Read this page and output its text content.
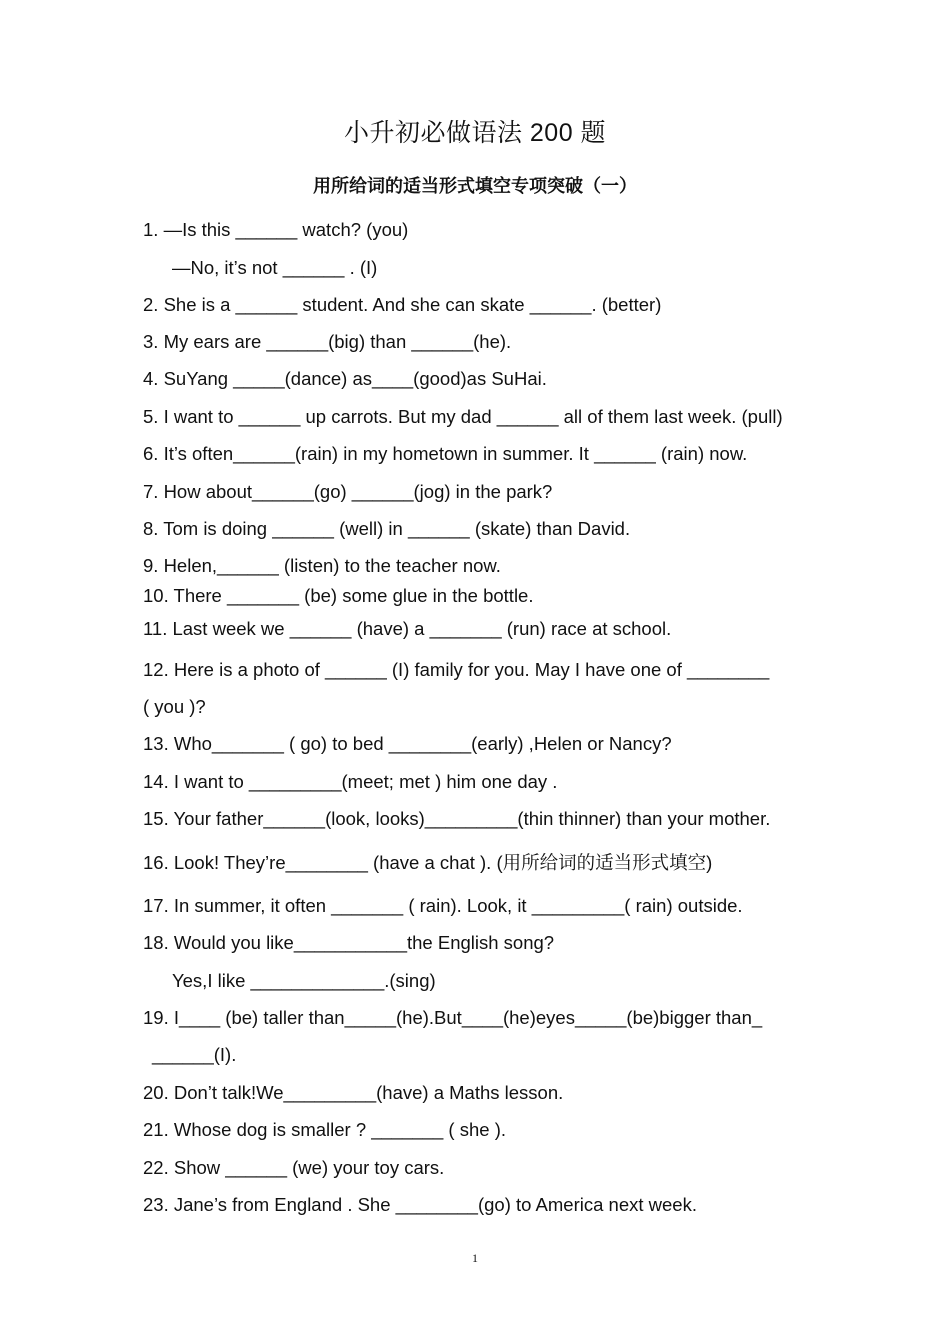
小升初必做语法 200 题
用所给词的适当形式填空专项突破（一）
1. —Is this ______ watch? (you)
—No, it’s not ______ . (I)
2. She is a ______ student. And she can skate ______. (better)
3. My ears are ______(big) than ______(he).
4. SuYang _____(dance) as____(good)as SuHai.
5. I want to ______ up carrots. But my dad ______ all of them last week. (pull)
6. It’s often______(rain) in my hometown in summer. It ______ (rain) now.
7. How about______(go) ______(jog) in the park?
8. Tom is doing ______ (well) in ______ (skate) than David.
9. Helen,______ (listen) to the teacher now.
10. There _______ (be) some glue in the bottle.
11. Last week we ______ (have) a _______ (run) race at school.
12. Here is a photo of ______ (I) family for you. May I have one of ________
( you )?
13. Who_______ ( go) to bed ________(early) ,Helen or Nancy?
14. I want to _________(meet; met ) him one day .
15. Your father______(look, looks)_________(thin thinner) than your mother.
16. Look! They’re________ (have a chat ). (用所给词的适当形式填空)
17. In summer, it often _______ ( rain). Look, it _________( rain) outside.
18. Would you like___________the English song?
Yes,I like _____________.(sing)
19. I____ (be) taller than_____(he).But____(he)eyes_____(be)bigger than_
______(I).
20. Don’t talk!We_________(have) a Maths lesson.
21. Whose dog is smaller ? _______ ( she ).
22. Show ______ (we) your toy cars.
23. Jane’s from England . She ________(go) to America next week.
1
